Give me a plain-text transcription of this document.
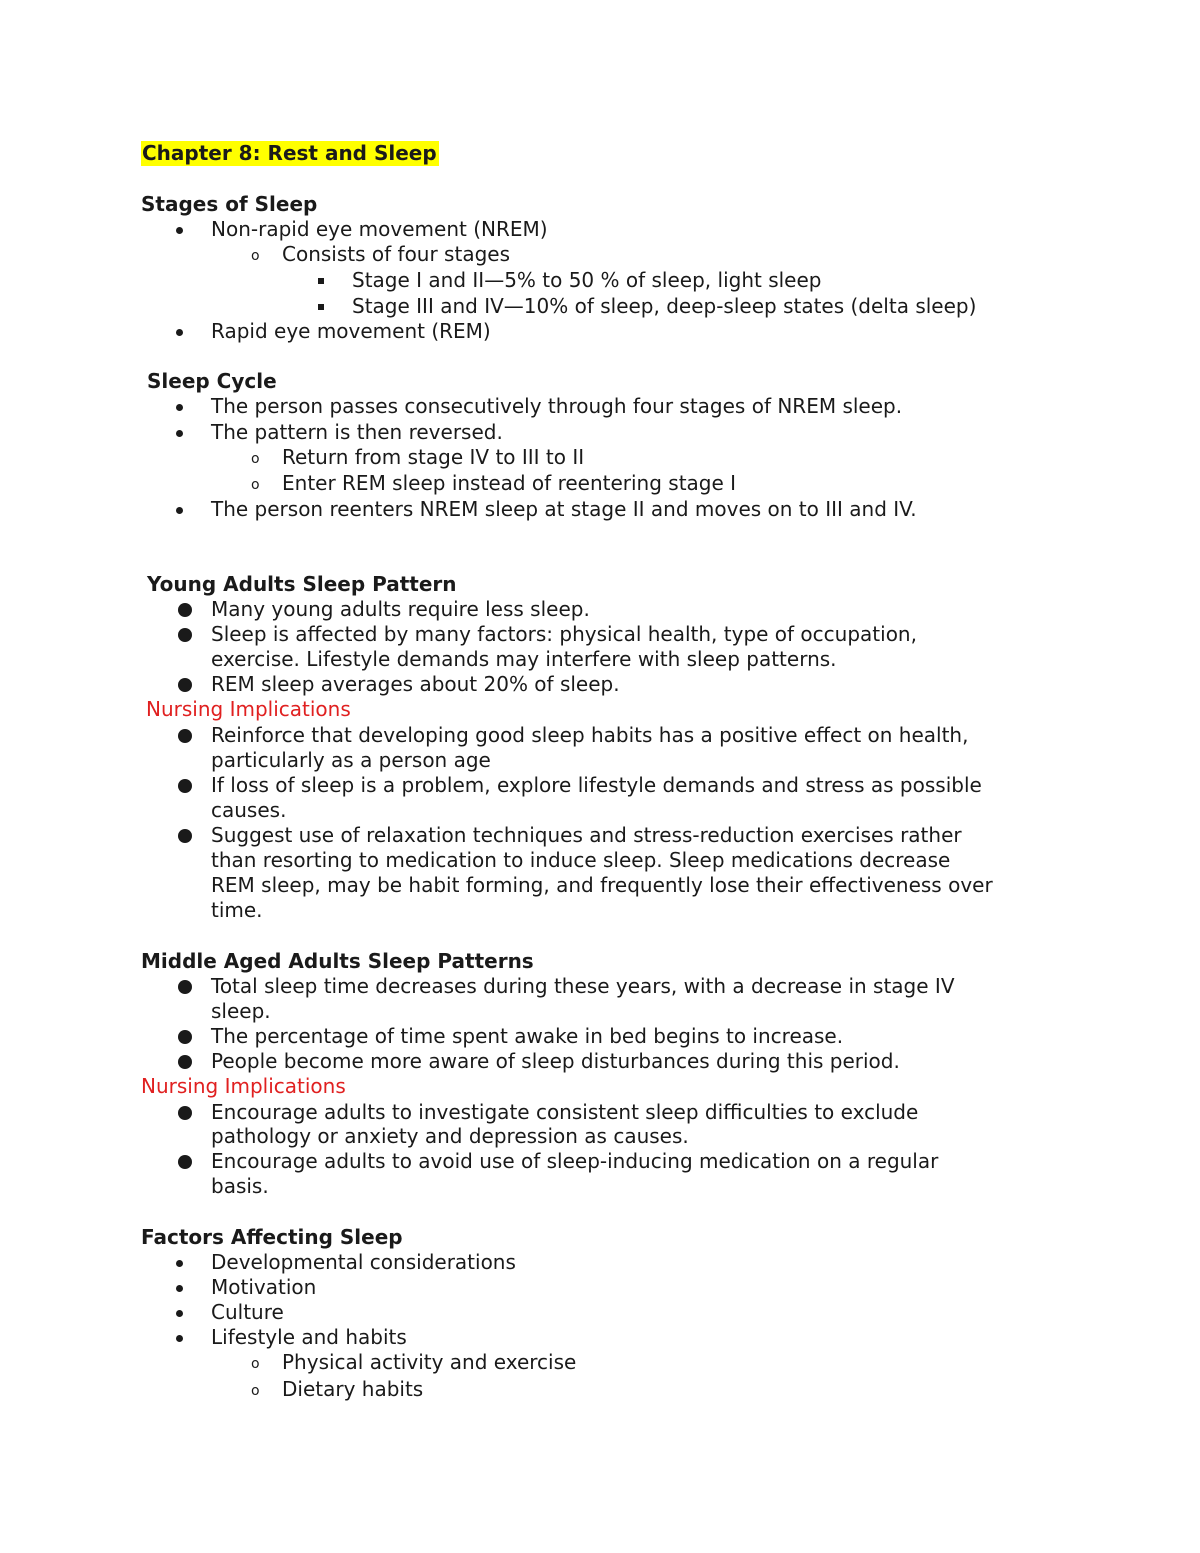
Chapter 8: Rest and Sleep
Stages of Sleep
Non-rapid eye movement (NREM)
o Consists of four stages
Stage I and II—5% to 50 % of sleep, light sleep
Stage III and IV—10% of sleep, deep-sleep states (delta sleep)
Rapid eye movement (REM)
Sleep Cycle
The person passes consecutively through four stages of NREM sleep.
The pattern is then reversed.
o Return from stage IV to III to II
o Enter REM sleep instead of reentering stage I
The person reenters NREM sleep at stage II and moves on to III and IV.
Young Adults Sleep Pattern
Many young adults require less sleep.
Sleep is affected by many factors: physical health, type of occupation,
exercise. Lifestyle demands may interfere with sleep patterns.
REM sleep averages about 20% of sleep.
Nursing Implications
Reinforce that developing good sleep habits has a positive effect on health,
particularly as a person age
If loss of sleep is a problem, explore lifestyle demands and stress as possible
causes.
Suggest use of relaxation techniques and stress-reduction exercises rather
than resorting to medication to induce sleep. Sleep medications decrease
REM sleep, may be habit forming, and frequently lose their effectiveness over
time.
Middle Aged Adults Sleep Patterns
Total sleep time decreases during these years, with a decrease in stage IV
sleep.
The percentage of time spent awake in bed begins to increase.
People become more aware of sleep disturbances during this period.
Nursing Implications
Encourage adults to investigate consistent sleep difficulties to exclude
pathology or anxiety and depression as causes.
Encourage adults to avoid use of sleep-inducing medication on a regular
basis.
Factors Affecting Sleep
Developmental considerations
Motivation
Culture
Lifestyle and habits
o Physical activity and exercise
o Dietary habits
